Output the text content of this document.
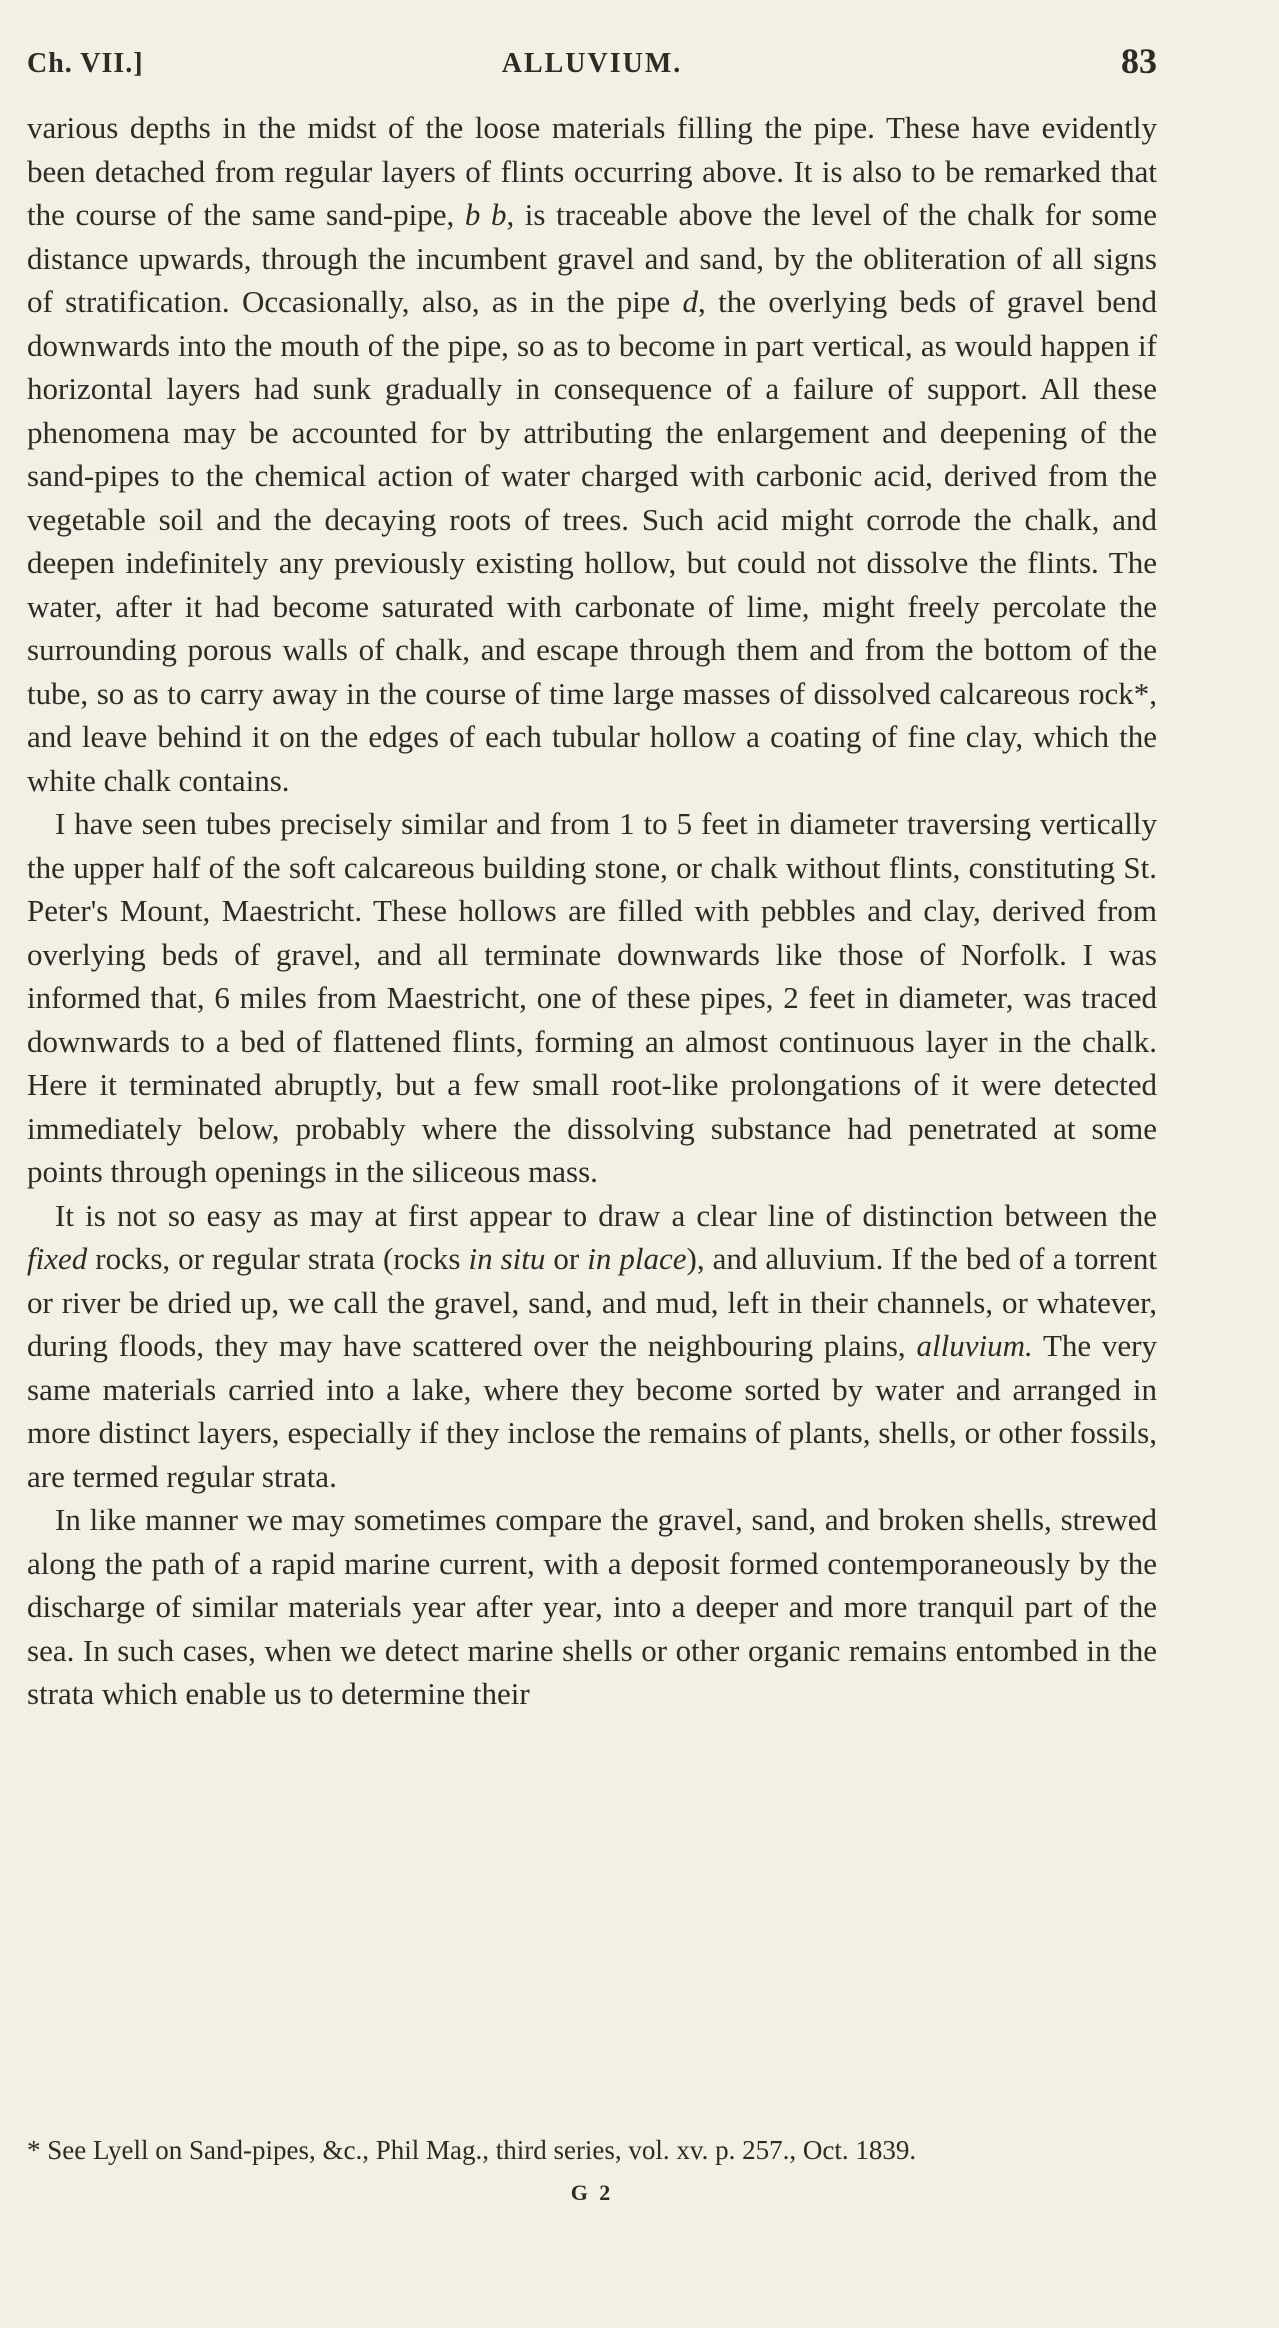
Ch. VII.]	ALLUVIUM.	83

various depths in the midst of the loose materials filling the pipe. These have evidently been detached from regular layers of flints occurring above. It is also to be remarked that the course of the same sand-pipe, b b, is traceable above the level of the chalk for some distance upwards, through the incumbent gravel and sand, by the obliteration of all signs of stratification. Occasionally, also, as in the pipe d, the overlying beds of gravel bend downwards into the mouth of the pipe, so as to become in part vertical, as would happen if horizontal layers had sunk gradually in consequence of a failure of support. All these phenomena may be accounted for by attributing the enlargement and deepening of the sand-pipes to the chemical action of water charged with carbonic acid, derived from the vegetable soil and the decaying roots of trees. Such acid might corrode the chalk, and deepen indefinitely any previously existing hollow, but could not dissolve the flints. The water, after it had become saturated with carbonate of lime, might freely percolate the surrounding porous walls of chalk, and escape through them and from the bottom of the tube, so as to carry away in the course of time large masses of dissolved calcareous rock*, and leave behind it on the edges of each tubular hollow a coating of fine clay, which the white chalk contains.

I have seen tubes precisely similar and from 1 to 5 feet in diameter traversing vertically the upper half of the soft calcareous building stone, or chalk without flints, constituting St. Peter's Mount, Maestricht. These hollows are filled with pebbles and clay, derived from overlying beds of gravel, and all terminate downwards like those of Norfolk. I was informed that, 6 miles from Maestricht, one of these pipes, 2 feet in diameter, was traced downwards to a bed of flattened flints, forming an almost continuous layer in the chalk. Here it terminated abruptly, but a few small root-like prolongations of it were detected immediately below, probably where the dissolving substance had penetrated at some points through openings in the siliceous mass.

It is not so easy as may at first appear to draw a clear line of distinction between the fixed rocks, or regular strata (rocks in situ or in place), and alluvium. If the bed of a torrent or river be dried up, we call the gravel, sand, and mud, left in their channels, or whatever, during floods, they may have scattered over the neighbouring plains, alluvium. The very same materials carried into a lake, where they become sorted by water and arranged in more distinct layers, especially if they inclose the remains of plants, shells, or other fossils, are termed regular strata.

In like manner we may sometimes compare the gravel, sand, and broken shells, strewed along the path of a rapid marine current, with a deposit formed contemporaneously by the discharge of similar materials year after year, into a deeper and more tranquil part of the sea. In such cases, when we detect marine shells or other organic remains entombed in the strata which enable us to determine their

* See Lyell on Sand-pipes, &c., Phil Mag., third series, vol. xv. p. 257., Oct. 1839.
G 2
